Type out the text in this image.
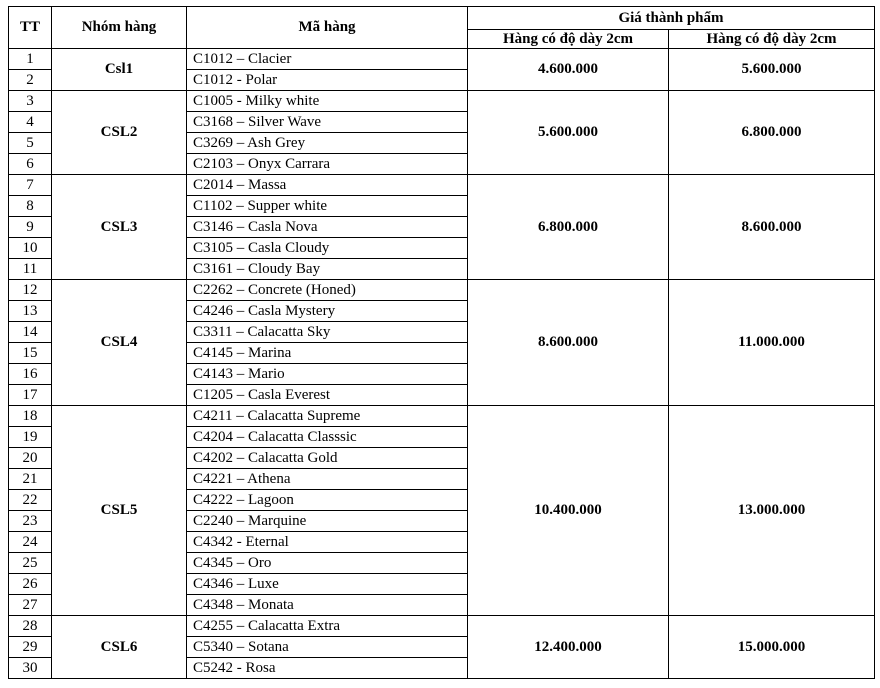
TT	Nhóm hàng	Mã hàng	Giá thành phẩm	
			Hàng có độ dày 2cm	Hàng có độ dày 2cm
1	Csl1	C1012 – Clacier	4.600.000	5.600.000
2		C1012 - Polar		
3	CSL2	C1005 - Milky white	5.600.000	6.800.000
4		C3168 – Silver Wave		
5		C3269 – Ash Grey		
6		C2103 – Onyx Carrara		
7	CSL3	C2014 – Massa	6.800.000	8.600.000
8		C1102 – Supper white		
9		C3146 – Casla Nova		
10		C3105 – Casla Cloudy		
11		C3161 – Cloudy Bay		
12	CSL4	C2262 – Concrete (Honed)	8.600.000	11.000.000
13		C4246 – Casla Mystery		
14		C3311 – Calacatta Sky		
15		C4145 – Marina		
16		C4143 – Mario		
17		C1205 – Casla Everest		
18	CSL5	C4211 – Calacatta Supreme	10.400.000	13.000.000
19		C4204 – Calacatta Classsic		
20		C4202 – Calacatta Gold		
21		C4221 – Athena		
22		C4222 – Lagoon		
23		C2240 – Marquine		
24		C4342 - Eternal		
25		C4345 – Oro		
26		C4346 – Luxe		
27		C4348 – Monata		
28	CSL6	C4255 – Calacatta Extra	12.400.000	15.000.000
29		C5340 – Sotana		
30		C5242 - Rosa		
